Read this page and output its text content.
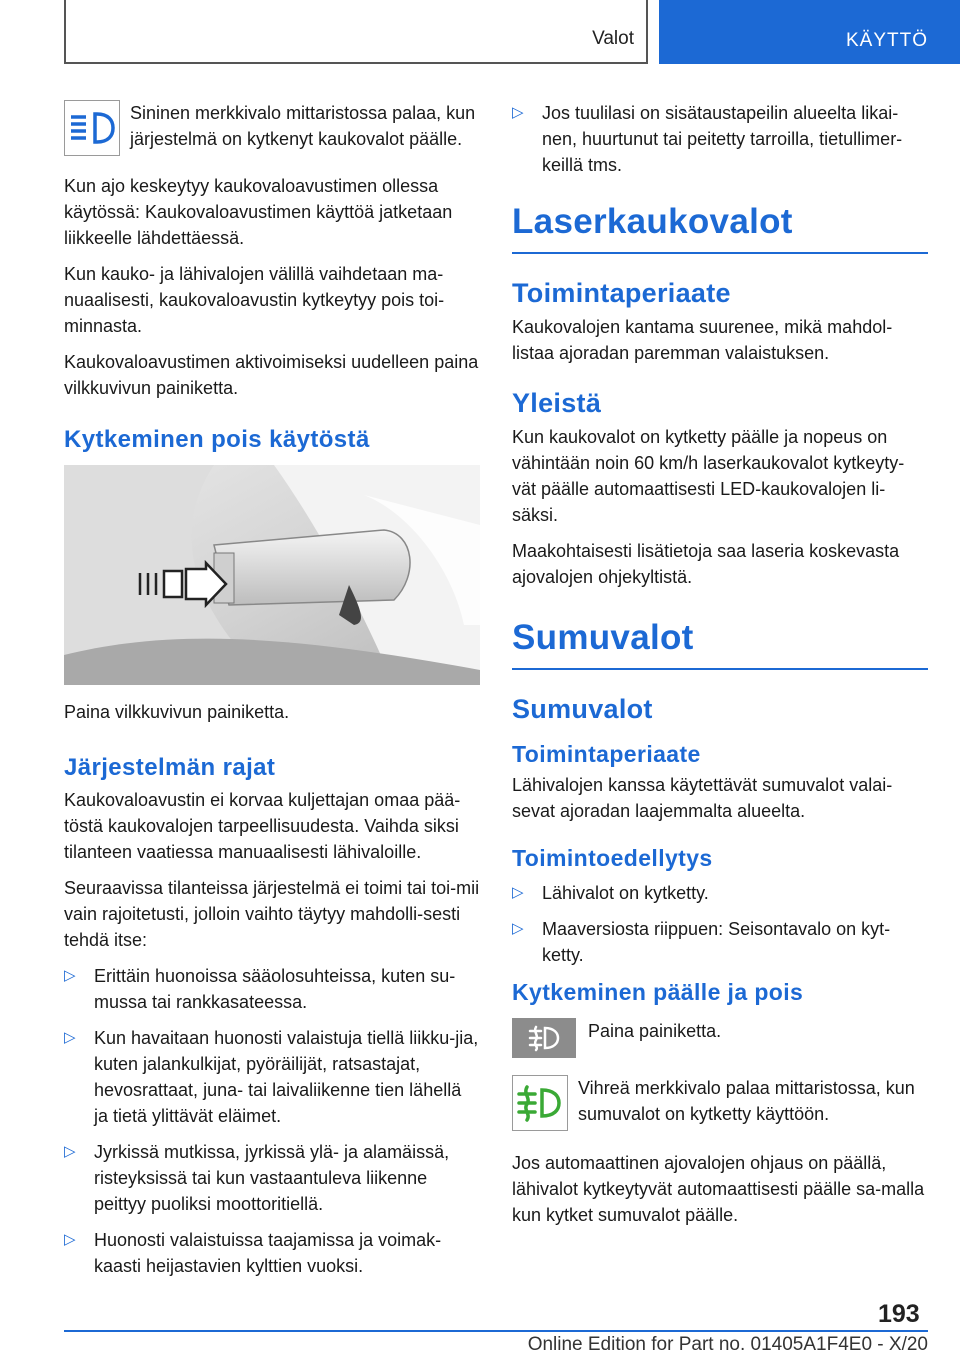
Valot	KÄYTTÖ

Sininen merkkivalo mittaristossa palaa, kun järjestelmä on kytkenyt kaukovalot päälle.

Kun ajo keskeytyy kaukovaloavustimen ollessa käytössä: Kaukovaloavustimen käyttöä jatketaan liikkeelle lähdettäessä.

Kun kauko- ja lähivalojen välillä vaihdetaan ma-nuaalisesti, kaukovaloavustin kytkeytyy pois toi-minnasta.

Kaukovaloavustimen aktivoimiseksi uudelleen paina vilkkuvivun painiketta.

Kytkeminen pois käytöstä

Paina vilkkuvivun painiketta.

Järjestelmän rajat

Kaukovaloavustin ei korvaa kuljettajan omaa pää-töstä kaukovalojen tarpeellisuudesta. Vaihda siksi tilanteen vaatiessa manuaalisesti lähivaloille.

Seuraavissa tilanteissa järjestelmä ei toimi tai toi-mii vain rajoitetusti, jolloin vaihto täytyy mahdolli-sesti tehdä itse:

▷ Erittäin huonoissa sääolosuhteissa, kuten su-mussa tai rankkasateessa.
▷ Kun havaitaan huonosti valaistuja tiellä liikku-jia, kuten jalankulkijat, pyöräilijät, ratsastajat, hevosrattaat, juna- tai laivaliikenne tien lähellä ja tietä ylittävät eläimet.
▷ Jyrkissä mutkissa, jyrkissä ylä- ja alamäissä, risteyksissä tai kun vastaantuleva liikenne peittyy puoliksi moottoritiellä.
▷ Huonosti valaistuissa taajamissa ja voimak-kaasti heijastavien kylttien vuoksi.
▷ Jos tuulilasi on sisätaustapeilin alueelta likai-nen, huurtunut tai peitetty tarroilla, tietullimer-keillä tms.
Laserkaukovalot
Toimintaperiaate

Kaukovalojen kantama suurenee, mikä mahdol-listaa ajoradan paremman valaistuksen.

Yleistä

Kun kaukovalot on kytketty päälle ja nopeus on vähintään noin 60 km/h laserkaukovalot kytkeyty-vät päälle automaattisesti LED-kaukovalojen li-säksi.

Maakohtaisesti lisätietoja saa laseria koskevasta ajovalojen ohjekyltistä.

Sumuvalot
Sumuvalot
Toimintaperiaate

Lähivalojen kanssa käytettävät sumuvalot valai-sevat ajoradan laajemmalta alueelta.

Toimintoedellytys
▷ Lähivalot on kytketty.
▷ Maaversiosta riippuen: Seisontavalo on kyt-ketty.
Kytkeminen päälle ja pois

Paina painiketta.

Vihreä merkkivalo palaa mittaristossa, kun sumuvalot on kytketty käyttöön.

Jos automaattinen ajovalojen ohjaus on päällä, lähivalot kytkeytyvät automaattisesti päälle sa-malla kun kytket sumuvalot päälle.

193
Online Edition for Part no. 01405A1F4E0 - X/20
